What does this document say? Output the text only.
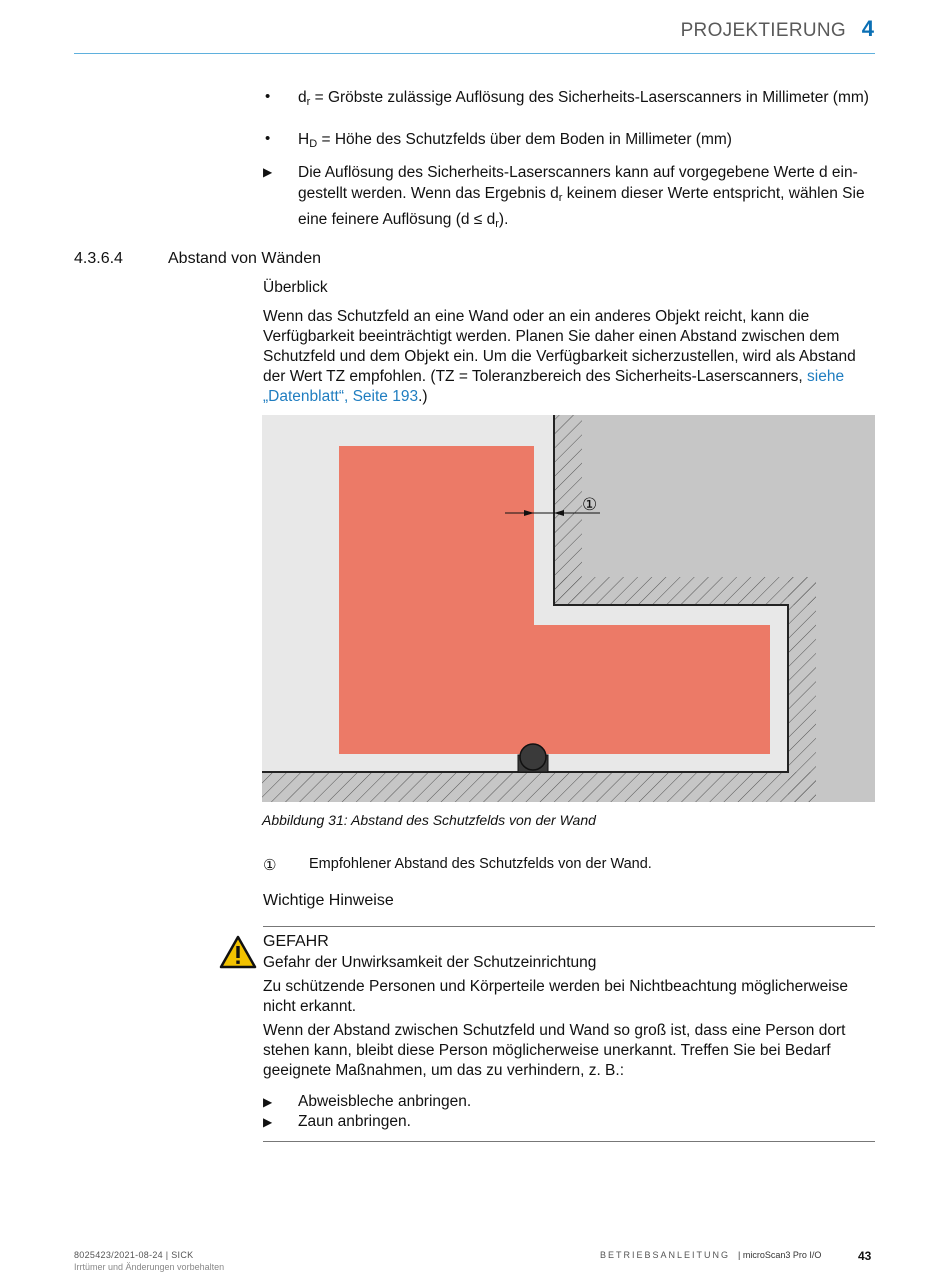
PROJEKTIERUNG 4
• $d_r$ = Gröbste zulässige Auflösung des Sicherheits-Laserscanners in Millimeter (mm)
• $H_D$ = Höhe des Schutzfelds über dem Boden in Millimeter (mm)
▶ Die Auflösung des Sicherheits-Laserscanners kann auf vorgegebene Werte d eingestellt werden. Wenn das Ergebnis $d_r$ keinem dieser Werte entspricht, wählen Sie eine feinere Auflösung $(d \le d_r)$.
4.3.6.4	Abstand von Wänden
Überblick
Wenn das Schutzfeld an eine Wand oder an ein anderes Objekt reicht, kann die Verfügbarkeit beeinträchtigt werden. Planen Sie daher einen Abstand zwischen dem Schutzfeld und dem Objekt ein. Um die Verfügbarkeit sicherzustellen, wird als Abstand der Wert TZ empfohlen. (TZ = Toleranzbereich des Sicherheits-Laserscanners, siehe „Datenblatt“, Seite 193.)
①
Abbildung 31: Abstand des Schutzfelds von der Wand
① Empfohlener Abstand des Schutzfelds von der Wand.
Wichtige Hinweise
GEFAHR
Gefahr der Unwirksamkeit der Schutzeinrichtung
Zu schützende Personen und Körperteile werden bei Nichtbeachtung möglicherweise nicht erkannt.
Wenn der Abstand zwischen Schutzfeld und Wand so groß ist, dass eine Person dort stehen kann, bleibt diese Person möglicherweise unerkannt. Treffen Sie bei Bedarf geeignete Maßnahmen, um das zu verhindern, z. B.:
▶ Abweisbleche anbringen.
▶ Zaun anbringen.
8025423/2021-08-24 | SICK
Irrtümer und Änderungen vorbehalten
BETRIEBSANLEITUNG | microScan3 Pro I/O	43
